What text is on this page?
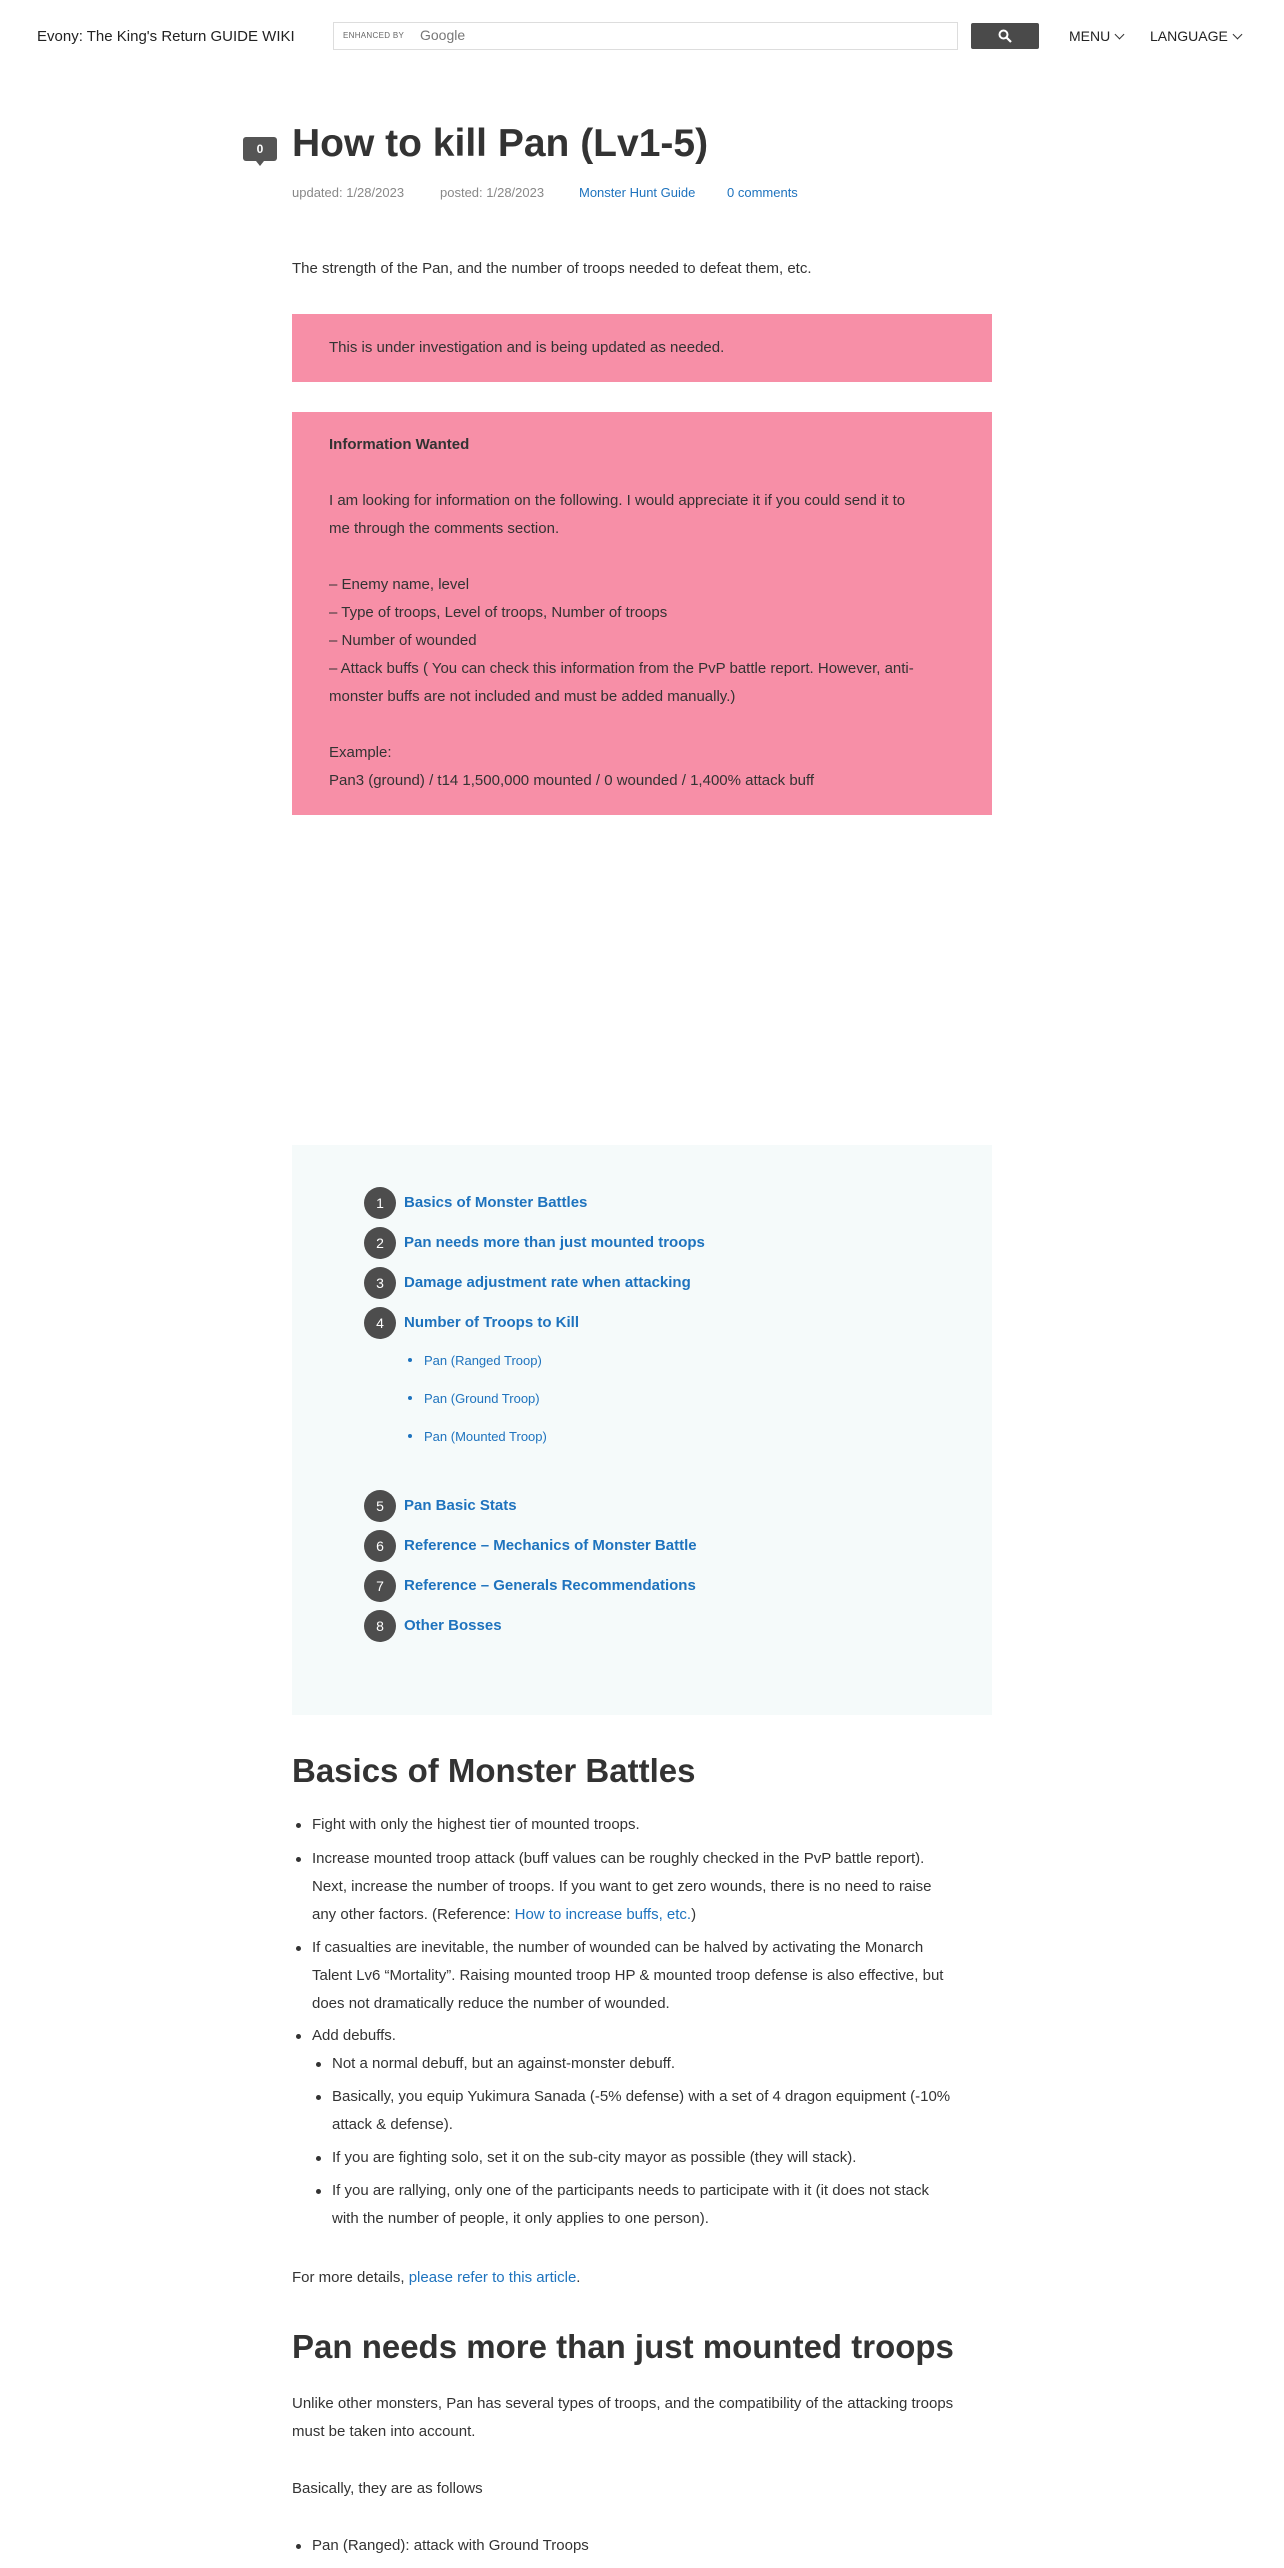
Evony: The King's Return GUIDE WIKI	ENHANCED BY Google	MENU	LANGUAGE
0 How to kill Pan (Lv1-5)
updated: 1/28/2023	posted: 1/28/2023	Monster Hunt Guide 0 comments
The strength of the Pan, and the number of troops needed to defeat them, etc.
This is under investigation and is being updated as needed.
Information Wanted
I am looking for information on the following. I would appreciate it if you could send it to
me through the comments section.
– Enemy name, level
– Type of troops, Level of troops, Number of troops
– Number of wounded
– Attack buffs ( You can check this information from the PvP battle report. However, anti-
monster buffs are not included and must be added manually.)
Example:
Pan3 (ground) / t14 1,500,000 mounted / 0 wounded / 1,400% attack buff
1	Basics of Monster Battles
2	Pan needs more than just mounted troops
3	Damage adjustment rate when attacking
4	Number of Troops to Kill
Pan (Ranged Troop)
Pan (Ground Troop)
Pan (Mounted Troop)
5	Pan Basic Stats
6	Reference – Mechanics of Monster Battle
7	Reference – Generals Recommendations
8	Other Bosses
Basics of Monster Battles
Fight with only the highest tier of mounted troops.
Increase mounted troop attack (buff values can be roughly checked in the PvP battle report).
Next, increase the number of troops. If you want to get zero wounds, there is no need to raise
any other factors. (Reference: How to increase buffs, etc.)
If casualties are inevitable, the number of wounded can be halved by activating the Monarch
Talent Lv6 “Mortality”. Raising mounted troop HP & mounted troop defense is also effective, but
does not dramatically reduce the number of wounded.
Add debuffs.
Not a normal debuff, but an against-monster debuff.
Basically, you equip Yukimura Sanada (-5% defense) with a set of 4 dragon equipment (-10%
attack & defense).
If you are fighting solo, set it on the sub-city mayor as possible (they will stack).
If you are rallying, only one of the participants needs to participate with it (it does not stack
with the number of people, it only applies to one person).
For more details, please refer to this article.
Pan needs more than just mounted troops
Unlike other monsters, Pan has several types of troops, and the compatibility of the attacking troops
must be taken into account.
Basically, they are as follows
Pan (Ranged): attack with Ground Troops
